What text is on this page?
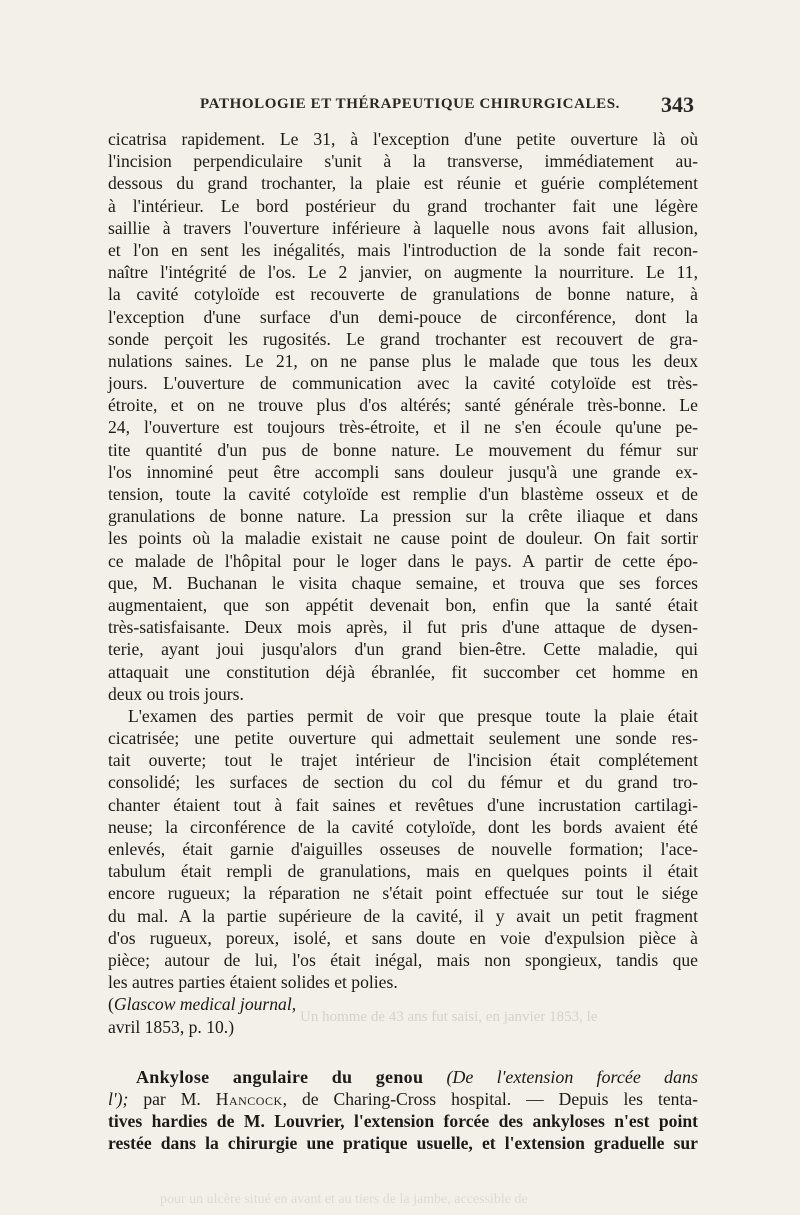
PATHOLOGIE ET THÉRAPEUTIQUE CHIRURGICALES. 343
cicatrisa rapidement. Le 31, à l'exception d'une petite ouverture là où
l'incision perpendiculaire s'unit à la transverse, immédiatement au-
dessous du grand trochanter, la plaie est réunie et guérie complétement
à l'intérieur. Le bord postérieur du grand trochanter fait une légère
saillie à travers l'ouverture inférieure à laquelle nous avons fait allusion,
et l'on en sent les inégalités, mais l'introduction de la sonde fait recon-
naître l'intégrité de l'os. Le 2 janvier, on augmente la nourriture. Le 11,
la cavité cotyloïde est recouverte de granulations de bonne nature, à
l'exception d'une surface d'un demi-pouce de circonférence, dont la
sonde perçoit les rugosités. Le grand trochanter est recouvert de gra-
nulations saines. Le 21, on ne panse plus le malade que tous les deux
jours. L'ouverture de communication avec la cavité cotyloïde est très-
étroite, et on ne trouve plus d'os altérés; santé générale très-bonne. Le
24, l'ouverture est toujours très-étroite, et il ne s'en écoule qu'une pe-
tite quantité d'un pus de bonne nature. Le mouvement du fémur sur
l'os innominé peut être accompli sans douleur jusqu'à une grande ex-
tension, toute la cavité cotyloïde est remplie d'un blastème osseux et de
granulations de bonne nature. La pression sur la crête iliaque et dans
les points où la maladie existait ne cause point de douleur. On fait sortir
ce malade de l'hôpital pour le loger dans le pays. A partir de cette épo-
que, M. Buchanan le visita chaque semaine, et trouva que ses forces
augmentaient, que son appétit devenait bon, enfin que la santé était
très-satisfaisante. Deux mois après, il fut pris d'une attaque de dysen-
terie, ayant joui jusqu'alors d'un grand bien-être. Cette maladie, qui
attaquait une constitution déjà ébranlée, fit succomber cet homme en
deux ou trois jours.
L'examen des parties permit de voir que presque toute la plaie était
cicatrisée; une petite ouverture qui admettait seulement une sonde res-
tait ouverte; tout le trajet intérieur de l'incision était complétement
consolidé; les surfaces de section du col du fémur et du grand tro-
chanter étaient tout à fait saines et revêtues d'une incrustation cartilagi-
neuse; la circonférence de la cavité cotyloïde, dont les bords avaient été
enlevés, était garnie d'aiguilles osseuses de nouvelle formation; l'ace-
tabulum était rempli de granulations, mais en quelques points il était
encore rugueux; la réparation ne s'était point effectuée sur tout le siége
du mal. A la partie supérieure de la cavité, il y avait un petit fragment
d'os rugueux, poreux, isolé, et sans doute en voie d'expulsion pièce à
pièce; autour de lui, l'os était inégal, mais non spongieux, tandis que
les autres parties étaient solides et polies.
(Glascow medical journal,
avril 1853, p. 10.)
Ankylose angulaire du genou (De l'extension forcée dans
l'); par M. Hancock, de Charing-Cross hospital. — Depuis les tenta-
tives hardies de M. Louvrier, l'extension forcée des ankyloses n'est point
restée dans la chirurgie une pratique usuelle, et l'extension graduelle sur
Un homme de 43 ans fut saisi, en janvier 1853, le
pour un ulcère situé en avant et au tiers de la jambe, accessible de
